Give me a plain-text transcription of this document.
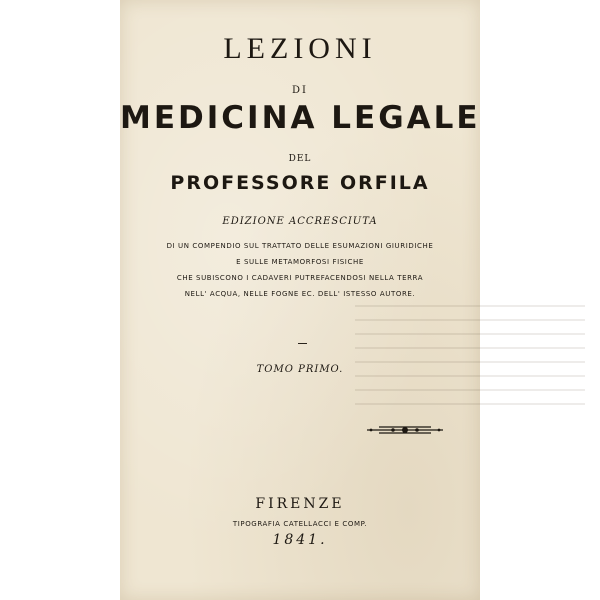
LEZIONI
DI
MEDICINA LEGALE
DEL
PROFESSORE ORFILA
EDIZIONE ACCRESCIUTA
DI UN COMPENDIO SUL TRATTATO DELLE ESUMAZIONI GIURIDICHE
E SULLE METAMORFOSI FISICHE
CHE SUBISCONO I CADAVERI PUTREFACENDOSI NELLA TERRA
NELL' ACQUA, NELLE FOGNE EC. DELL' ISTESSO AUTORE.
TOMO PRIMO.
FIRENZE
TIPOGRAFIA CATELLACCI E COMP.
1841.
